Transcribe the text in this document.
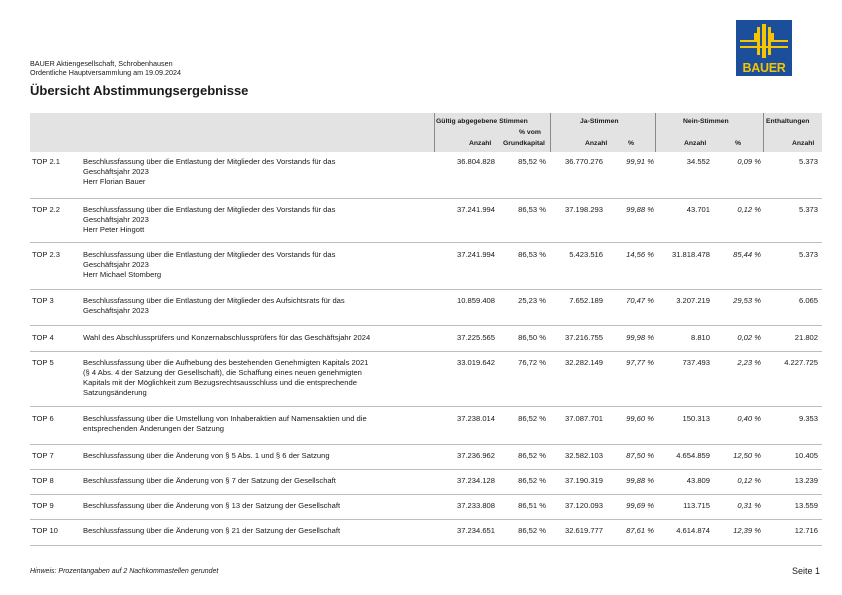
BAUER Aktiengesellschaft, Schrobenhausen
Ordentliche Hauptversammlung am 19.09.2024
Übersicht Abstimmungsergebnisse
BAUER
Gültig abgegebene Stimmen	Ja-Stimmen	Nein-Stimmen	Enthaltungen
Anzahl
% vom
Grundkapital	Anzahl	%	Anzahl	%	Anzahl
TOP 2.1	Beschlussfassung über die Entlastung der Mitglieder des Vorstands für das
Geschäftsjahr 2023
Herr Florian Bauer
36.804.828	85,52 % 36.770.276	99,91 %	34.552	0,09 %	5.373
TOP 2.2	Beschlussfassung über die Entlastung der Mitglieder des Vorstands für das
Geschäftsjahr 2023
Herr Peter Hingott
37.241.994	86,53 % 37.198.293	99,88 %	43.701	0,12 %	5.373
TOP 2.3	Beschlussfassung über die Entlastung der Mitglieder des Vorstands für das
Geschäftsjahr 2023
Herr Michael Stomberg
37.241.994	86,53 %	5.423.516	14,56 % 31.818.478	85,44 %	5.373
TOP 3	Beschlussfassung über die Entlastung der Mitglieder des Aufsichtsrats für das
Geschäftsjahr 2023
10.859.408	25,23 %	7.652.189	70,47 %	3.207.219	29,53 %	6.065
TOP 4	Wahl des Abschlussprüfers und Konzernabschlussprüfers für das Geschäftsjahr 2024	37.225.565	86,50 % 37.216.755	99,98 %	8.810	0,02 %	21.802
TOP 5	Beschlussfassung über die Aufhebung des bestehenden Genehmigten Kapitals 2021
(§ 4 Abs. 4 der Satzung der Gesellschaft), die Schaffung eines neuen genehmigten
Kapitals mit der Möglichkeit zum Bezugsrechtsausschluss und die entsprechende
Satzungsänderung
33.019.642	76,72 % 32.282.149	97,77 %	737.493	2,23 %	4.227.725
TOP 6	Beschlussfassung über die Umstellung von Inhaberaktien auf Namensaktien und die
entsprechenden Änderungen der Satzung
37.238.014	86,52 % 37.087.701	99,60 %	150.313	0,40 %	9.353
TOP 7	Beschlussfassung über die Änderung von § 5 Abs. 1 und § 6 der Satzung	37.236.962	86,52 % 32.582.103	87,50 %	4.654.859	12,50 %	10.405
TOP 8	Beschlussfassung über die Änderung von § 7 der Satzung der Gesellschaft	37.234.128	86,52 % 37.190.319	99,88 %	43.809	0,12 %	13.239
TOP 9	Beschlussfassung über die Änderung von § 13 der Satzung der Gesellschaft	37.233.808	86,51 % 37.120.093	99,69 %	113.715	0,31 %	13.559
TOP 10	Beschlussfassung über die Änderung von § 21 der Satzung der Gesellschaft	37.234.651	86,52 % 32.619.777	87,61 %	4.614.874	12,39 %	12.716
Hinweis: Prozentangaben auf 2 Nachkommastellen gerundet	Seite 1
